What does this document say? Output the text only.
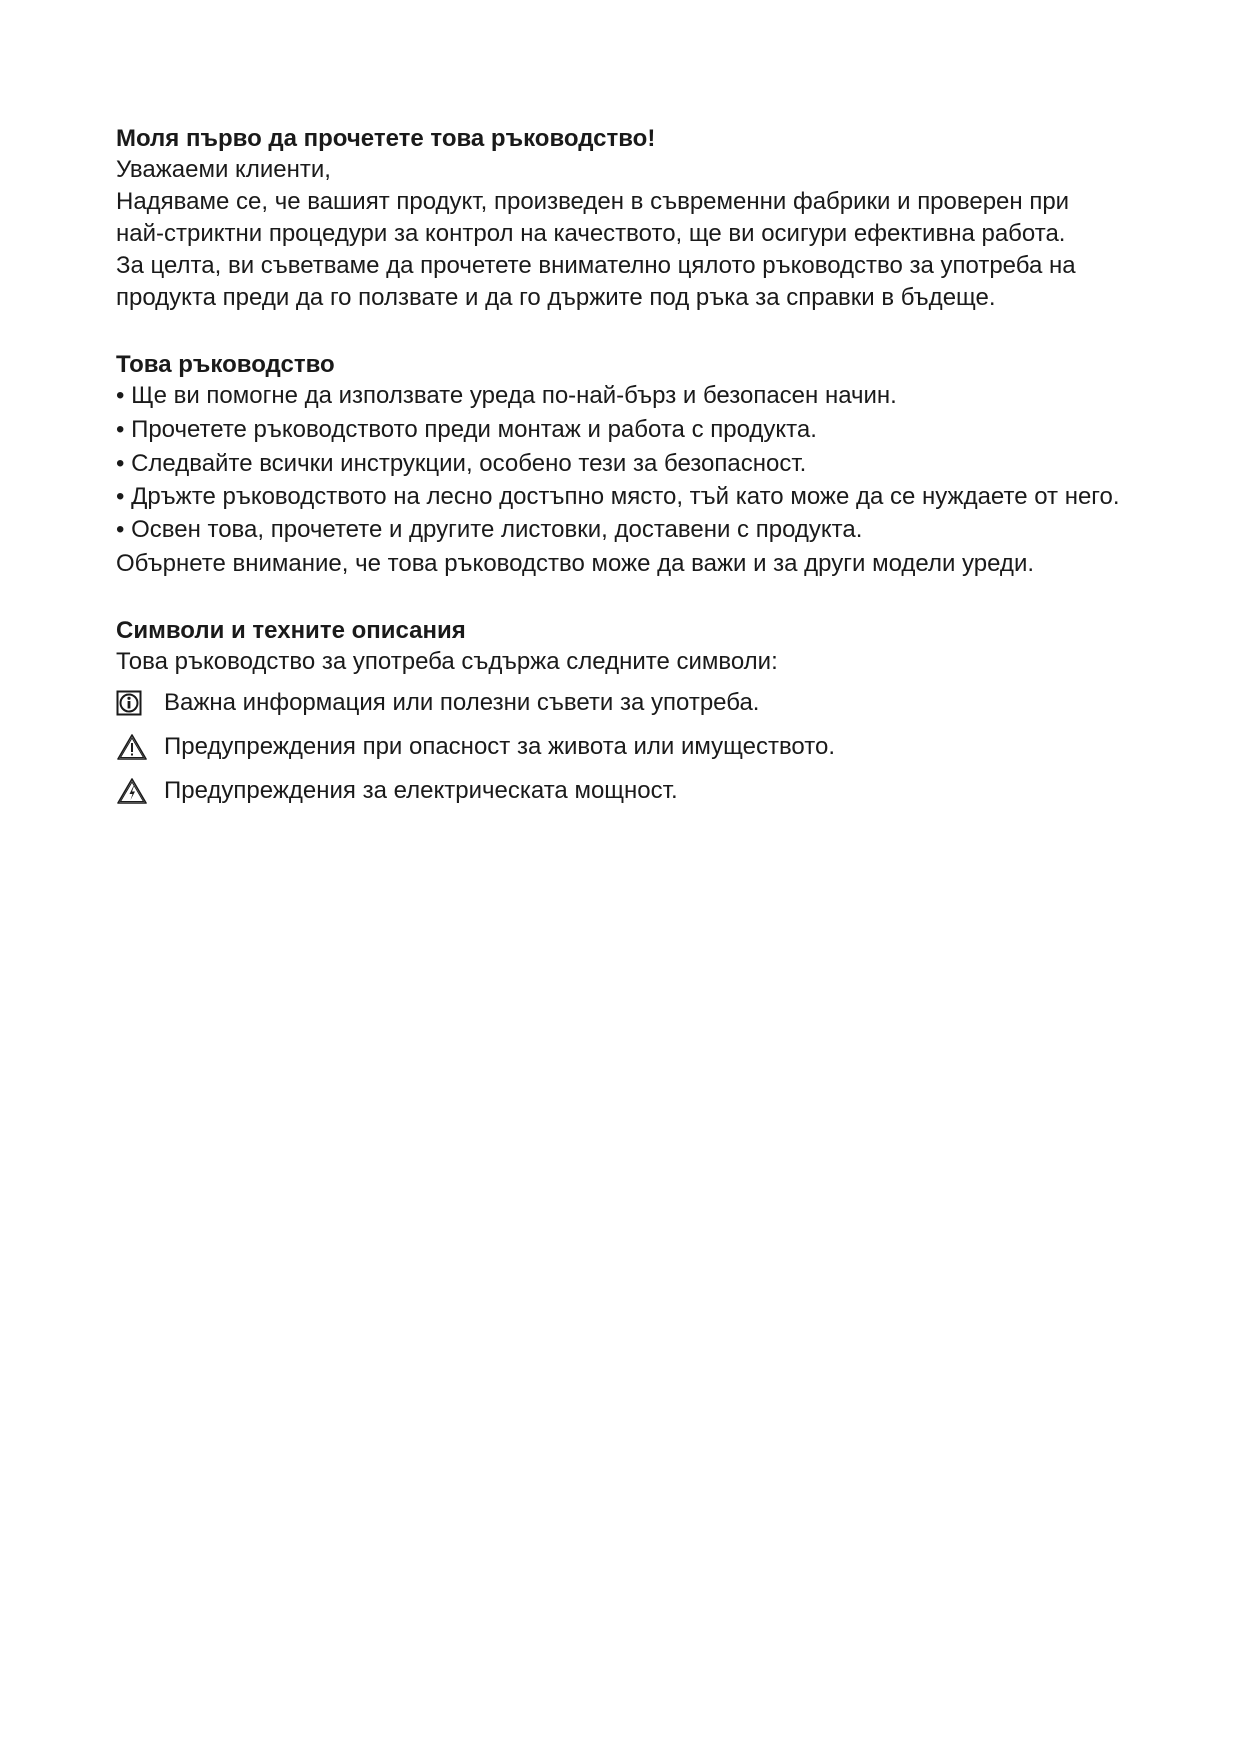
Моля първо да прочетете това ръководство!

Уважаеми клиенти,

Надяваме се, че вашият продукт, произведен в съвременни фабрики и проверен при

най-стриктни процедури за контрол на качеството, ще ви осигури ефективна работа.

За целта, ви съветваме да прочетете внимателно цялото ръководство за употреба на

продукта преди да го ползвате и да го държите под ръка за справки в бъдеще.

Това ръководство

• Ще ви помогне да използвате уреда по-най-бърз и безопасен начин.
• Прочетете ръководството преди монтаж и работа с продукта.
• Следвайте всички инструкции, особено тези за безопасност.
• Дръжте ръководството на лесно достъпно място, тъй като може да се нуждаете от него.
• Освен това, прочетете и другите листовки, доставени с продукта.

Обърнете внимание, че това ръководство може да важи и за други модели уреди.

Символи и техните описания

Това ръководство за употреба съдържа следните символи:

Важна информация или полезни съвети за употреба.
Предупреждения при опасност за живота или имуществото.
Предупреждения за електрическата мощност.
